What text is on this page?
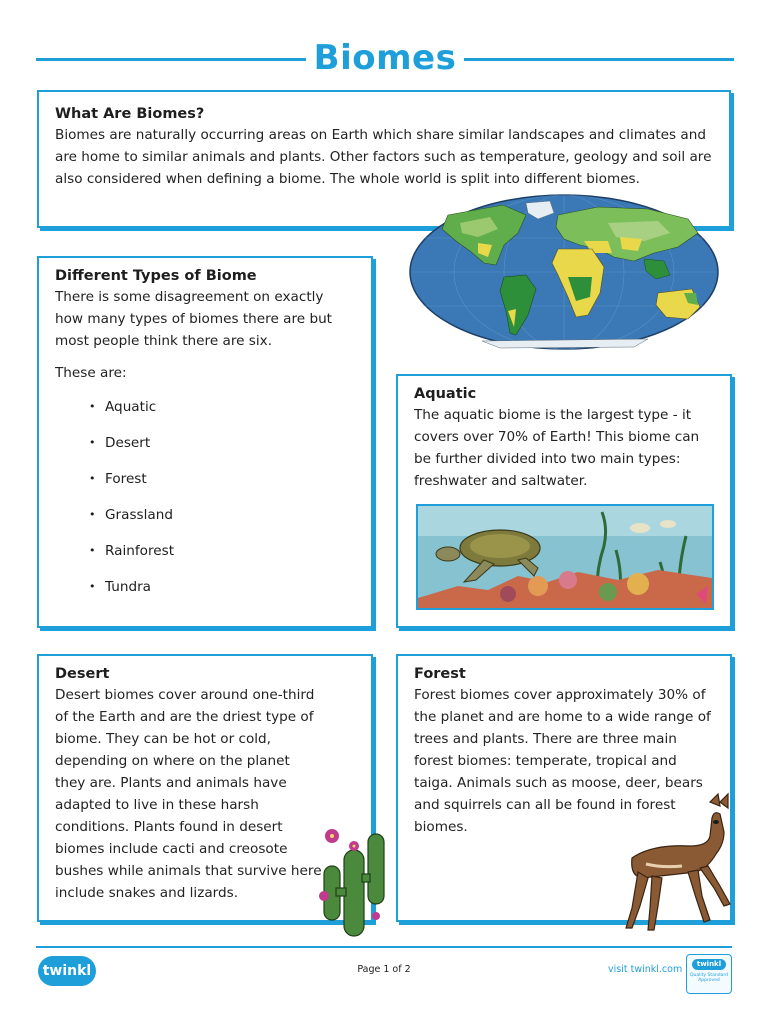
Biomes
What Are Biomes?

Biomes are naturally occurring areas on Earth which share similar landscapes and climates and are home to similar animals and plants. Other factors such as temperature, geology and soil are also considered when defining a biome. The whole world is split into different biomes.

Different Types of Biome

There is some disagreement on exactly how many types of biomes there are but most people think there are six.

These are:

• Aquatic
• Desert
• Forest
• Grassland
• Rainforest
• Tundra
Aquatic

The aquatic biome is the largest type - it covers over 70% of Earth! This biome can be further divided into two main types: freshwater and saltwater.

Desert

Desert biomes cover around one-third of the Earth and are the driest type of biome. They can be hot or cold, depending on where on the planet they are. Plants and animals have adapted to live in these harsh conditions. Plants found in desert biomes include cacti and creosote bushes while animals that survive here include snakes and lizards.

Forest

Forest biomes cover approximately 30% of the planet and are home to a wide range of trees and plants. There are three main forest biomes: temperate, tropical and taiga. Animals such as moose, deer, bears and squirrels can all be found in forest biomes.

twinkl	Page 1 of 2	visit twinkl.com	twinkl
Quality Standard Approved
